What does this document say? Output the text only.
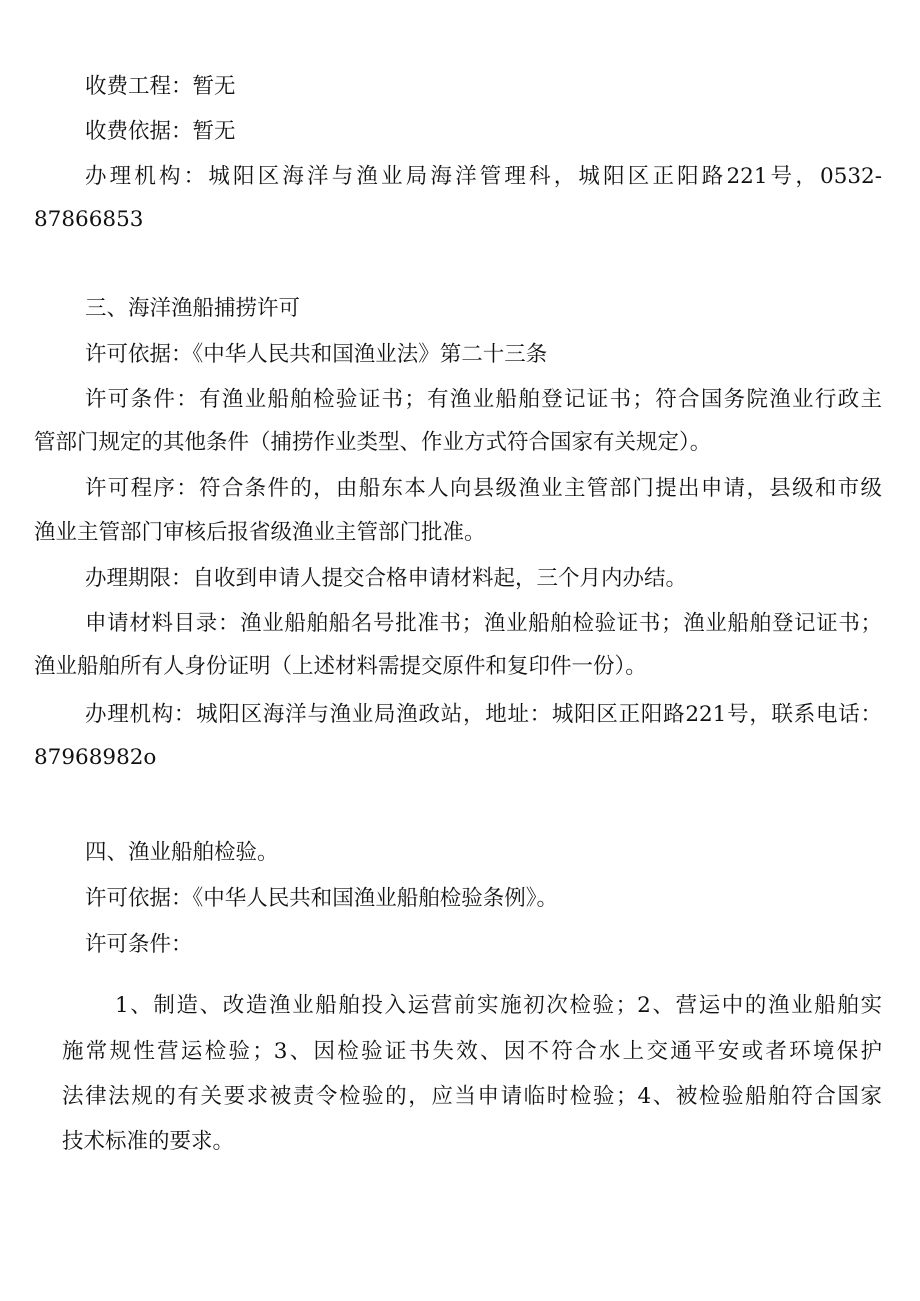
收费工程：暂无
收费依据：暂无
办理机构：城阳区海洋与渔业局海洋管理科，城阳区正阳路221号，0532-
87866853
三、海洋渔船捕捞许可
许可依据：《中华人民共和国渔业法》第二十三条
许可条件：有渔业船舶检验证书；有渔业船舶登记证书；符合国务院渔业行政主
管部门规定的其他条件（捕捞作业类型、作业方式符合国家有关规定）。
许可程序：符合条件的，由船东本人向县级渔业主管部门提出申请，县级和市级
渔业主管部门审核后报省级渔业主管部门批准。
办理期限：自收到申请人提交合格申请材料起，三个月内办结。
申请材料目录：渔业船舶船名号批准书；渔业船舶检验证书；渔业船舶登记证书；
渔业船舶所有人身份证明（上述材料需提交原件和复印件一份）。
办理机构：城阳区海洋与渔业局渔政站，地址：城阳区正阳路221号，联系电话：
87968982o
四、渔业船舶检验。
许可依据：《中华人民共和国渔业船舶检验条例》。
许可条件：
1、制造、改造渔业船舶投入运营前实施初次检验；2、营运中的渔业船舶实
施常规性营运检验；3、因检验证书失效、因不符合水上交通平安或者环境保护
法律法规的有关要求被责令检验的，应当申请临时检验；4、被检验船舶符合国家
技术标准的要求。
